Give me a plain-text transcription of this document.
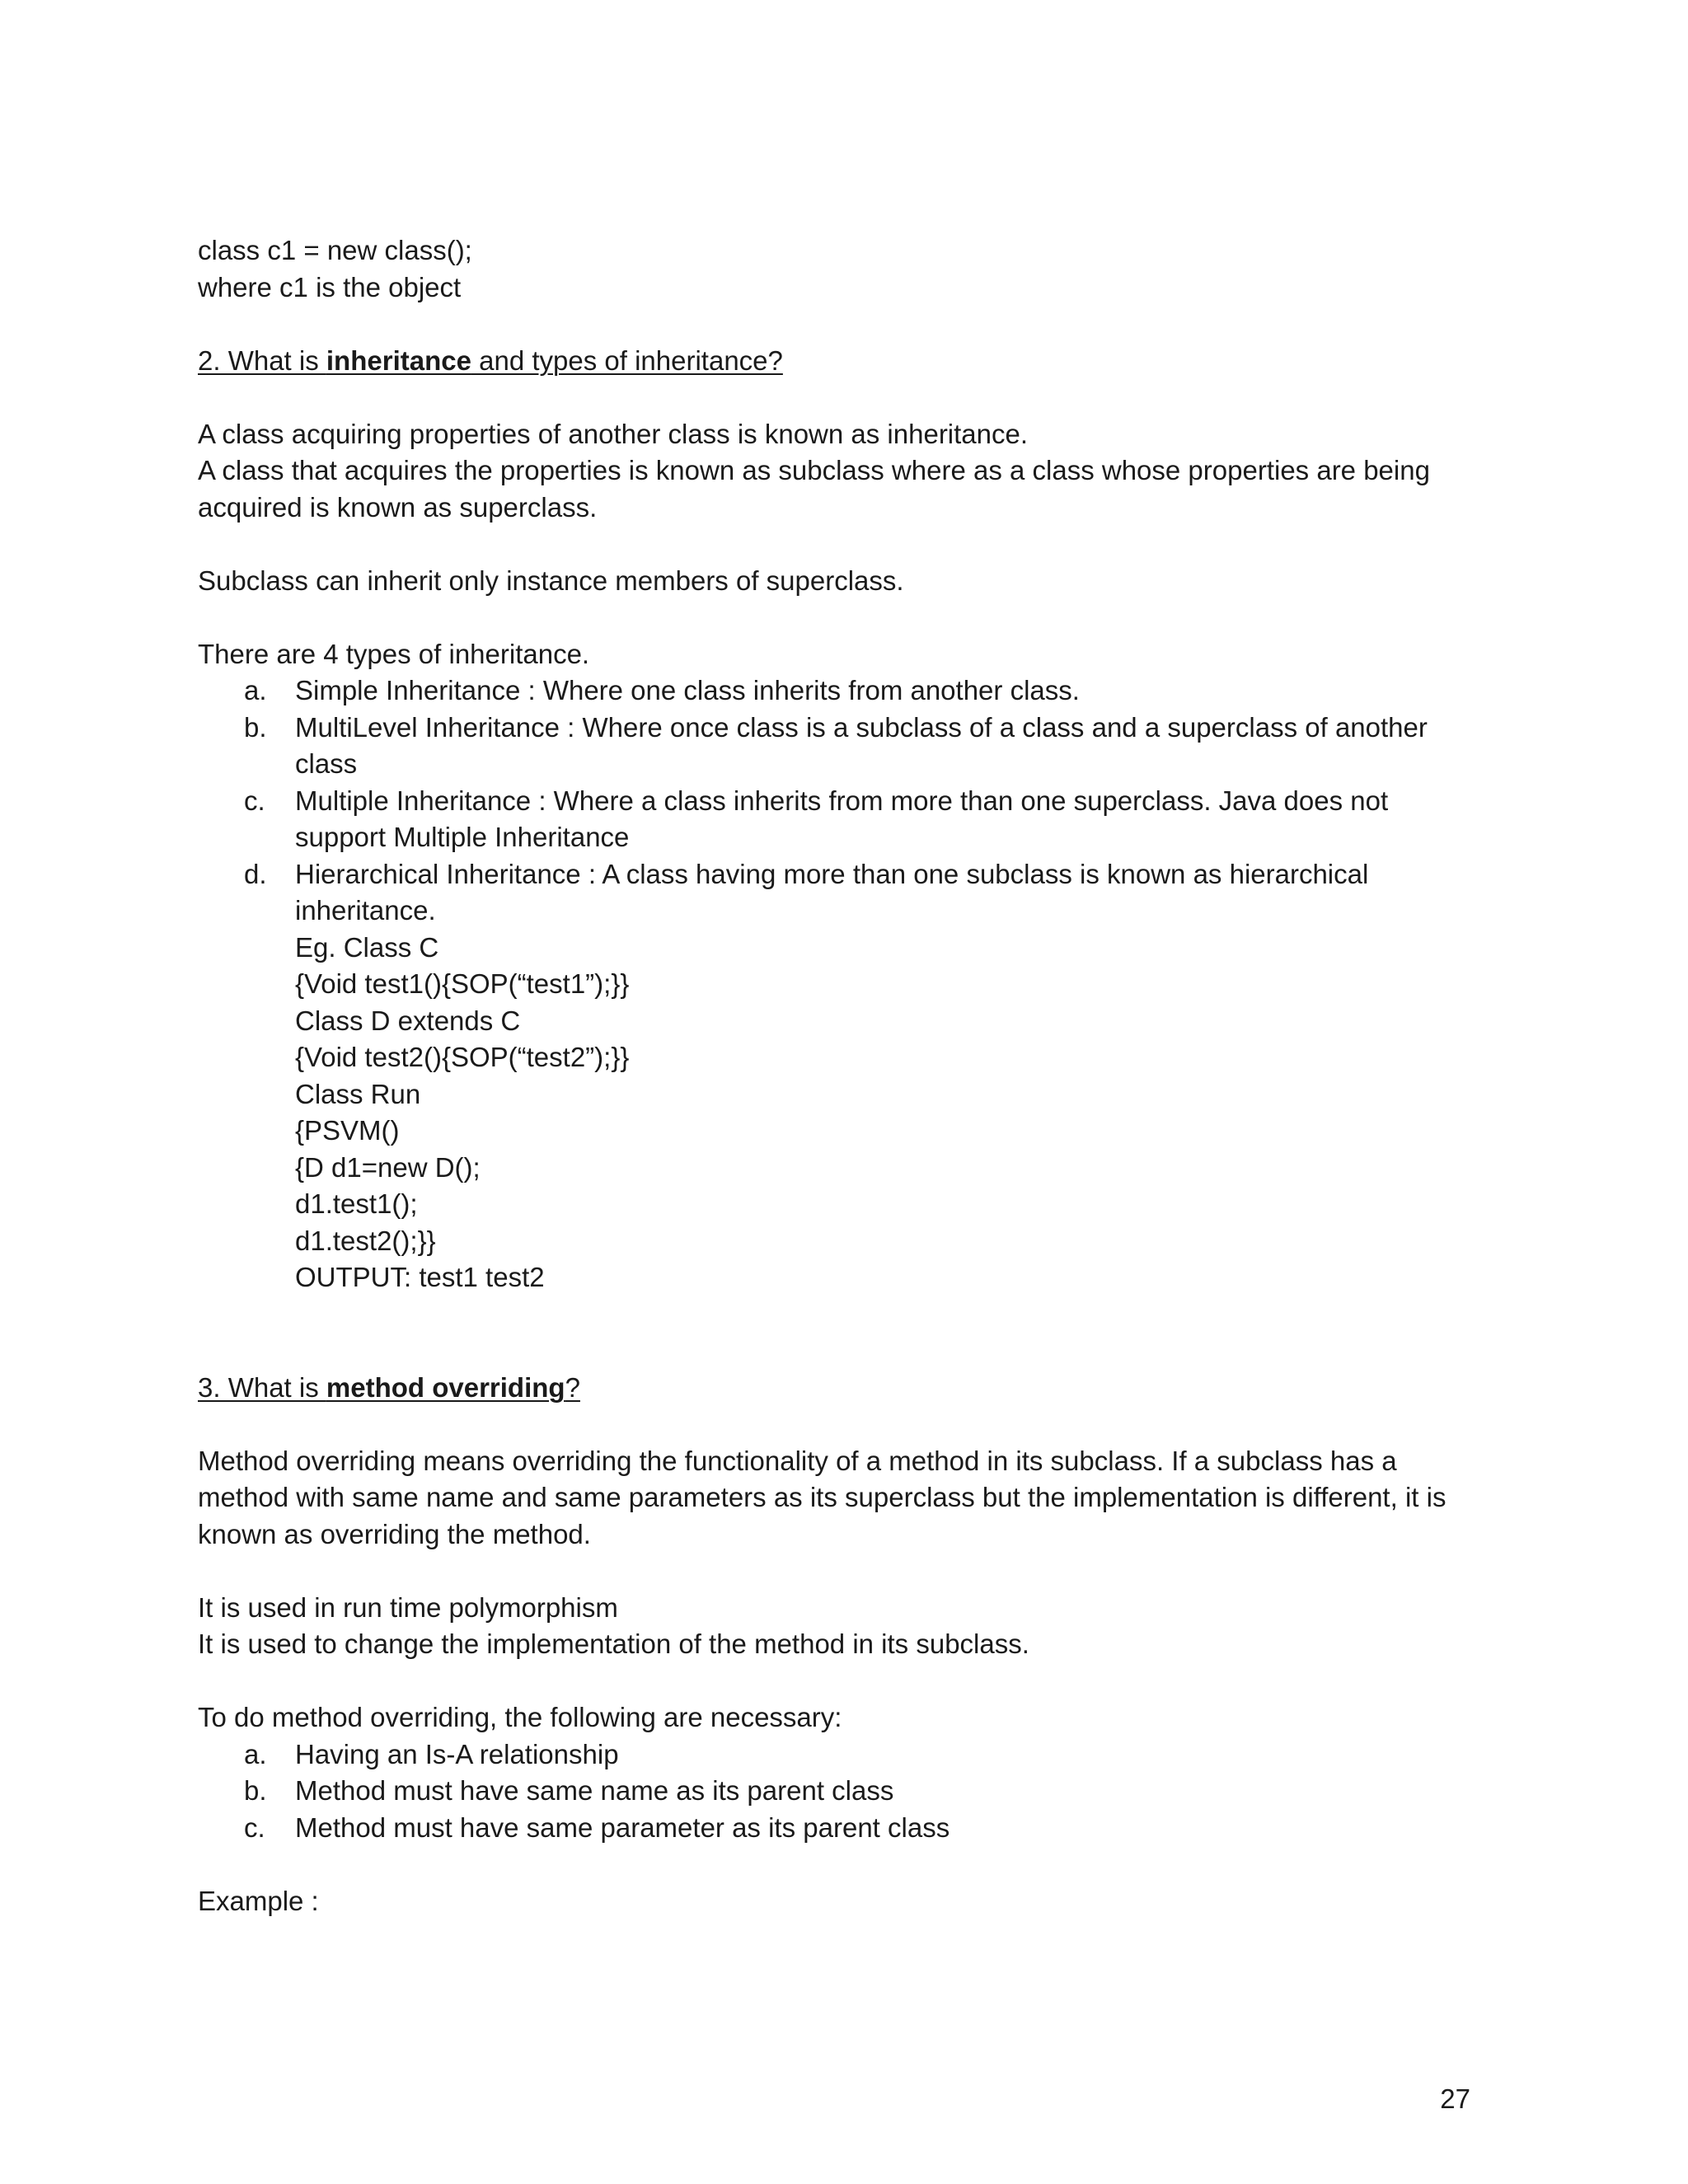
class c1 = new class();

where c1 is the object

2. What is inheritance and types of inheritance?

A class acquiring properties of another class is known as inheritance.

A class that acquires the properties is known as subclass where as a class whose properties are being

acquired is known as superclass.

Subclass can inherit only instance members of superclass.

There are 4 types of inheritance.

a. Simple Inheritance : Where one class inherits from another class.
b. MultiLevel Inheritance : Where once class is a subclass of a class and a superclass of another
class
c. Multiple Inheritance : Where a class inherits from more than one superclass. Java does not
support Multiple Inheritance
d. Hierarchical Inheritance : A class having more than one subclass is known as hierarchical
inheritance.

Eg. Class C

{Void test1(){SOP(“test1”);}}

Class D extends C

{Void test2(){SOP(“test2”);}}

Class Run

{PSVM()

{D d1=new D();

d1.test1();

d1.test2();}}

OUTPUT: test1 test2

3. What is method overriding?

Method overriding means overriding the functionality of a method in its subclass. If a subclass has a

method with same name and same parameters as its superclass but the implementation is different, it is

known as overriding the method.

It is used in run time polymorphism

It is used to change the implementation of the method in its subclass.

To do method overriding, the following are necessary:

a. Having an Is-A relationship
b. Method must have same name as its parent class
c. Method must have same parameter as its parent class

Example :

27
